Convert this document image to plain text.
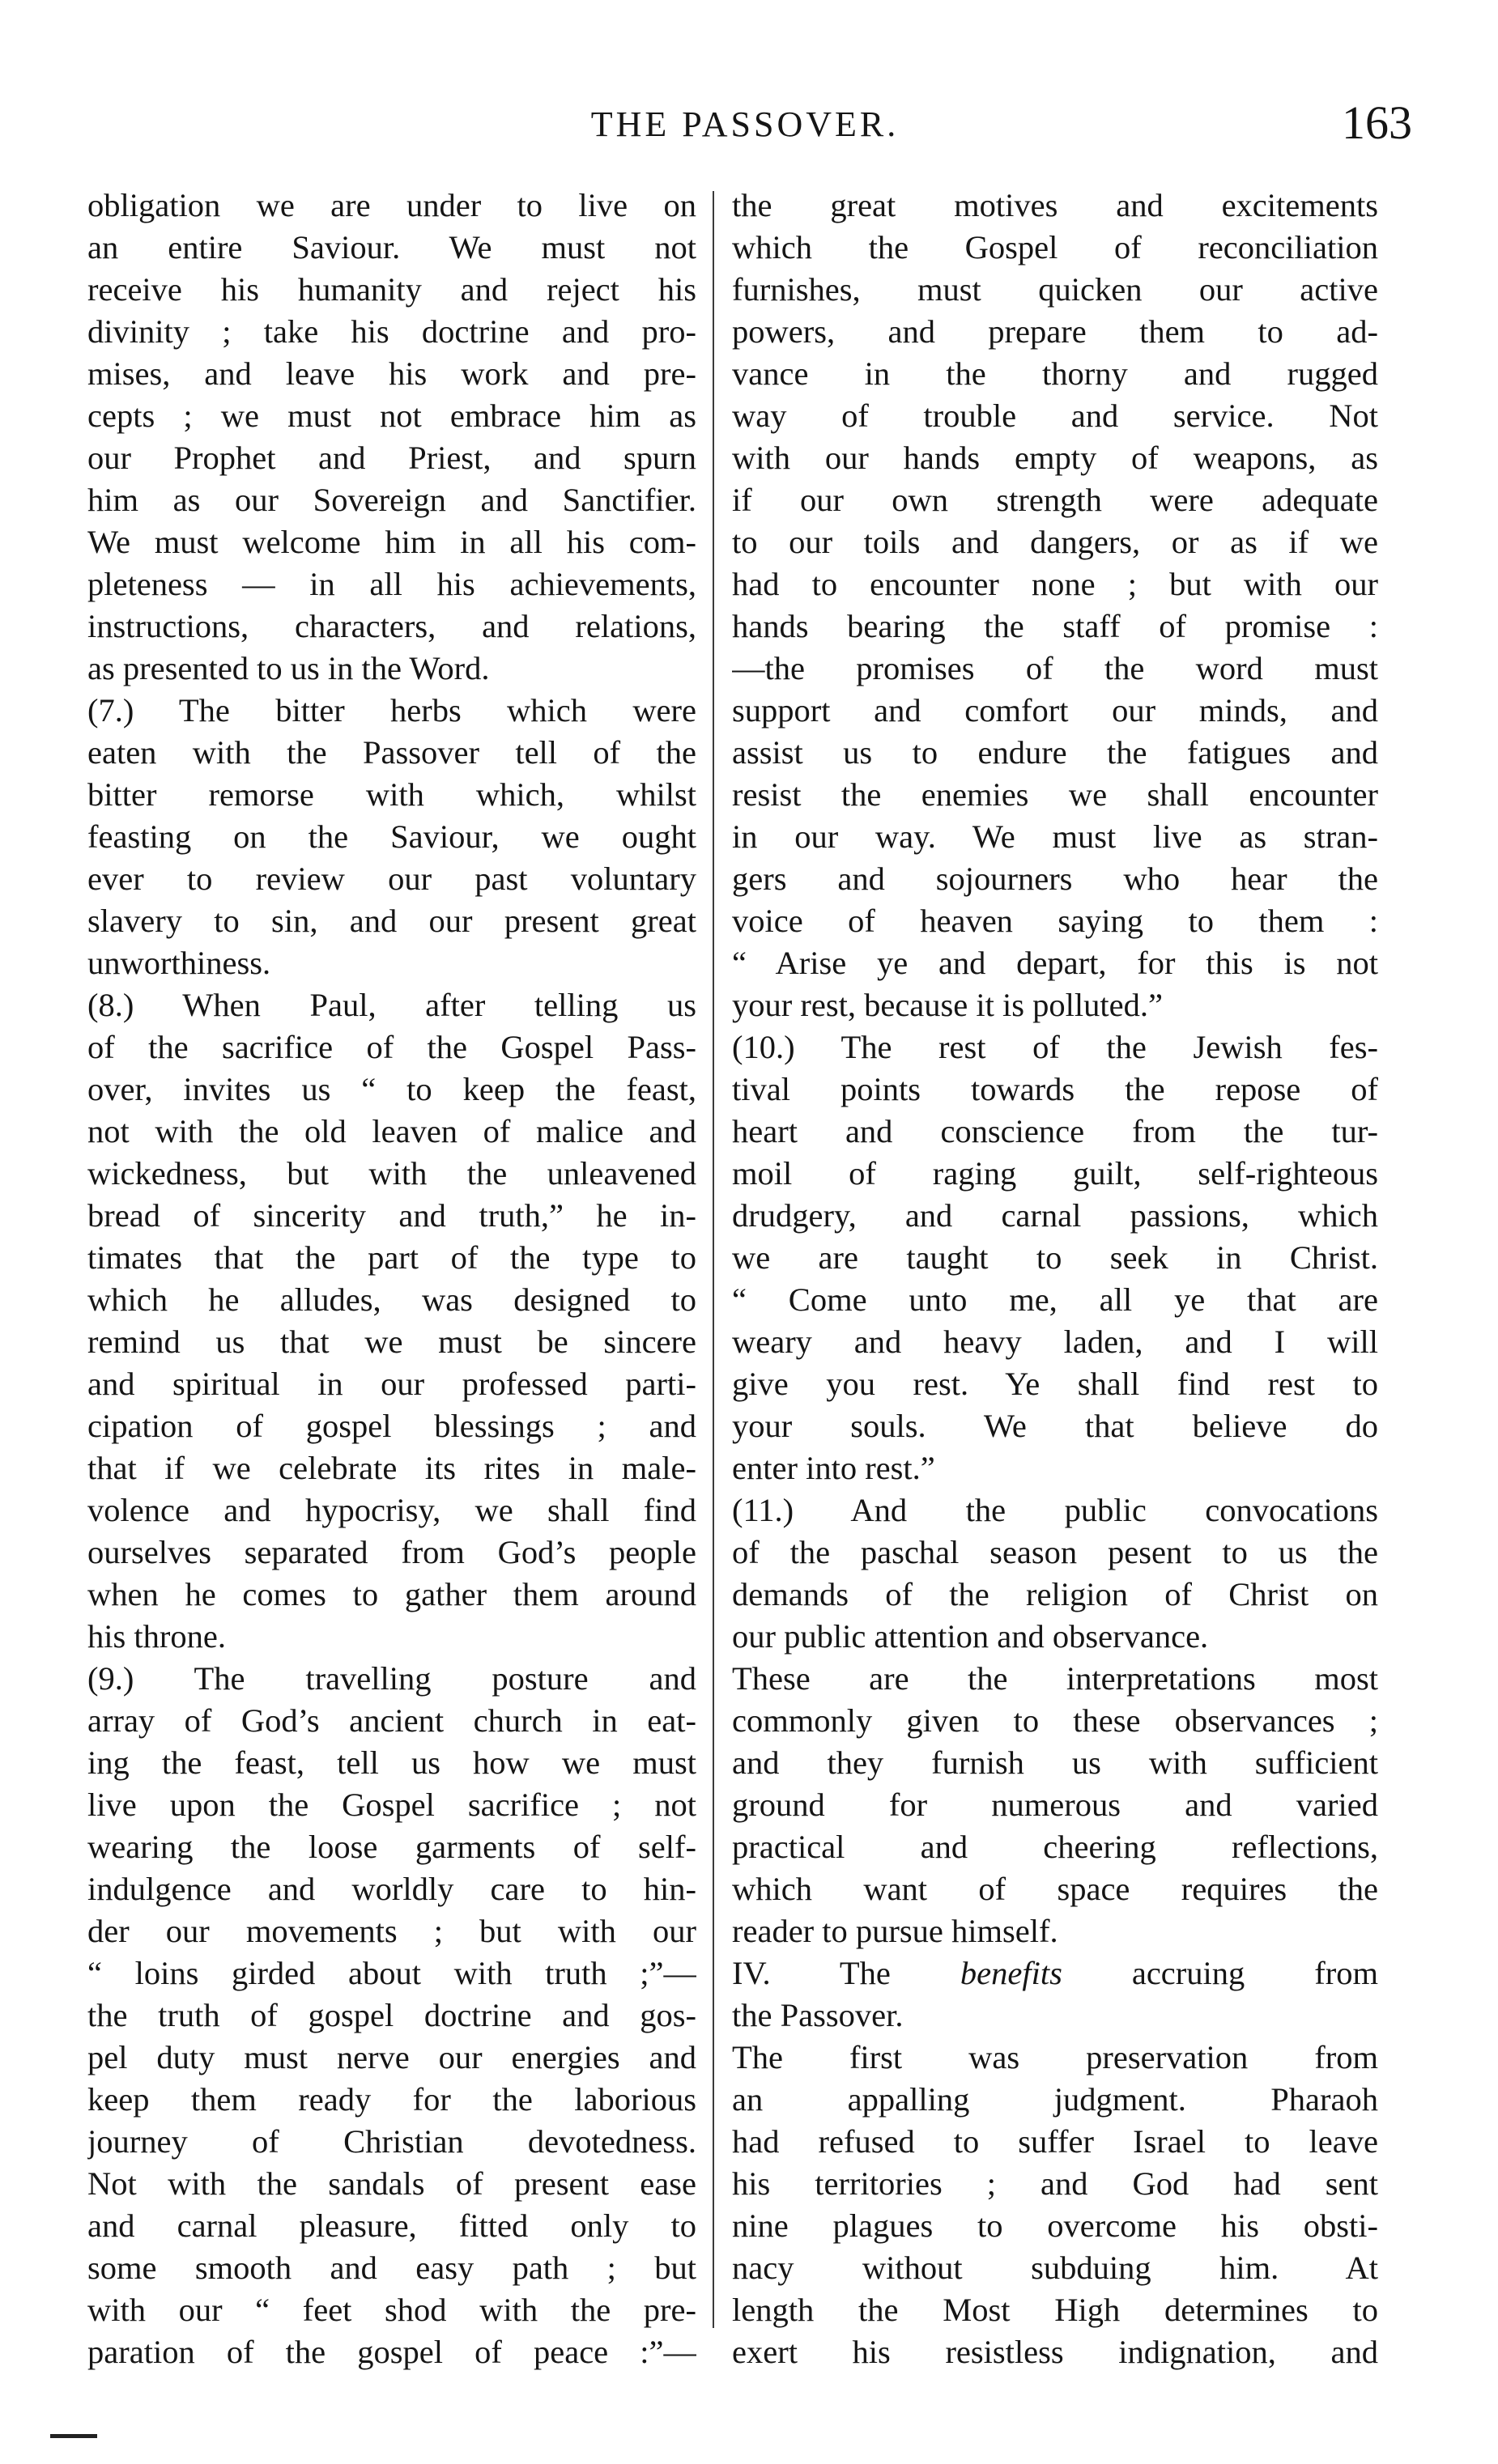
THE PASSOVER.	163
obligation we are under to live on
an entire Saviour. We must not
receive his humanity and reject his
divinity ; take his doctrine and pro-
mises, and leave his work and pre-
cepts ; we must not embrace him as
our Prophet and Priest, and spurn
him as our Sovereign and Sanctifier.
We must welcome him in all his com-
pleteness — in all his achievements,
instructions, characters, and relations,
as presented to us in the Word.
(7.) The bitter herbs which were
eaten with the Passover tell of the
bitter remorse with which, whilst
feasting on the Saviour, we ought
ever to review our past voluntary
slavery to sin, and our present great
unworthiness.
(8.) When Paul, after telling us
of the sacrifice of the Gospel Pass-
over, invites us “ to keep the feast,
not with the old leaven of malice and
wickedness, but with the unleavened
bread of sincerity and truth,” he in-
timates that the part of the type to
which he alludes, was designed to
remind us that we must be sincere
and spiritual in our professed parti-
cipation of gospel blessings ; and
that if we celebrate its rites in male-
volence and hypocrisy, we shall find
ourselves separated from God’s people
when he comes to gather them around
his throne.
(9.) The travelling posture and
array of God’s ancient church in eat-
ing the feast, tell us how we must
live upon the Gospel sacrifice ; not
wearing the loose garments of self-
indulgence and worldly care to hin-
der our movements ; but with our
“ loins girded about with truth ;”—
the truth of gospel doctrine and gos-
pel duty must nerve our energies and
keep them ready for the laborious
journey of Christian devotedness.
Not with the sandals of present ease
and carnal pleasure, fitted only to
some smooth and easy path ; but
with our “ feet shod with the pre-
paration of the gospel of peace :”—
the great motives and excitements
which the Gospel of reconciliation
furnishes, must quicken our active
powers, and prepare them to ad-
vance in the thorny and rugged
way of trouble and service. Not
with our hands empty of weapons, as
if our own strength were adequate
to our toils and dangers, or as if we
had to encounter none ; but with our
hands bearing the staff of promise :
—the promises of the word must
support and comfort our minds, and
assist us to endure the fatigues and
resist the enemies we shall encounter
in our way. We must live as stran-
gers and sojourners who hear the
voice of heaven saying to them :
“ Arise ye and depart, for this is not
your rest, because it is polluted.”
(10.) The rest of the Jewish fes-
tival points towards the repose of
heart and conscience from the tur-
moil of raging guilt, self-righteous
drudgery, and carnal passions, which
we are taught to seek in Christ.
“ Come unto me, all ye that are
weary and heavy laden, and I will
give you rest. Ye shall find rest to
your souls. We that believe do
enter into rest.”
(11.) And the public convocations
of the paschal season pesent to us the
demands of the religion of Christ on
our public attention and observance.
These are the interpretations most
commonly given to these observances ;
and they furnish us with sufficient
ground for numerous and varied
practical and cheering reflections,
which want of space requires the
reader to pursue himself.
IV. The benefits accruing from
the Passover.
The first was preservation from
an appalling judgment. Pharaoh
had refused to suffer Israel to leave
his territories ; and God had sent
nine plagues to overcome his obsti-
nacy without subduing him. At
length the Most High determines to
exert his resistless indignation, and
